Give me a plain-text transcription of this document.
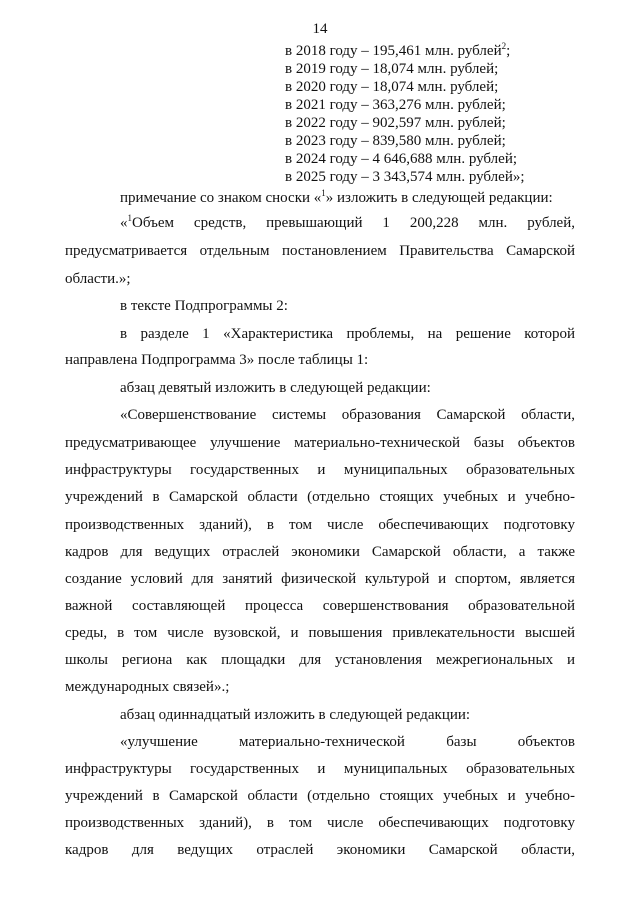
14
в 2018 году – 195,461 млн. рублей$^2$;
в 2019 году – 18,074 млн. рублей;
в 2020 году – 18,074 млн. рублей;
в 2021 году – 363,276 млн. рублей;
в 2022 году – 902,597 млн. рублей;
в 2023 году – 839,580 млн. рублей;
в 2024 году – 4 646,688 млн. рублей;
в 2025 году – 3 343,574 млн. рублей»;
примечание со знаком сноски «$^1$» изложить в следующей редакции:
«$^1$Объем средств, превышающий 1 200,228 млн. рублей,
предусматривается отдельным постановлением Правительства Самарской
области.»;
в тексте Подпрограммы 2:
в разделе 1 «Характеристика проблемы, на решение которой
направлена Подпрограмма 3» после таблицы 1:
абзац девятый изложить в следующей редакции:
«Совершенствование системы образования Самарской области,
предусматривающее улучшение материально-технической базы объектов
инфраструктуры государственных и муниципальных образовательных
учреждений в Самарской области (отдельно стоящих учебных и учебно-
производственных зданий), в том числе обеспечивающих подготовку
кадров для ведущих отраслей экономики Самарской области, а также
создание условий для занятий физической культурой и спортом, является
важной составляющей процесса совершенствования образовательной
среды, в том числе вузовской, и повышения привлекательности высшей
школы региона как площадки для установления межрегиональных и
международных связей».;
абзац одиннадцатый изложить в следующей редакции:
«улучшение материально-технической базы объектов
инфраструктуры государственных и муниципальных образовательных
учреждений в Самарской области (отдельно стоящих учебных и учебно-
производственных зданий), в том числе обеспечивающих подготовку
кадров для ведущих отраслей экономики Самарской области,
